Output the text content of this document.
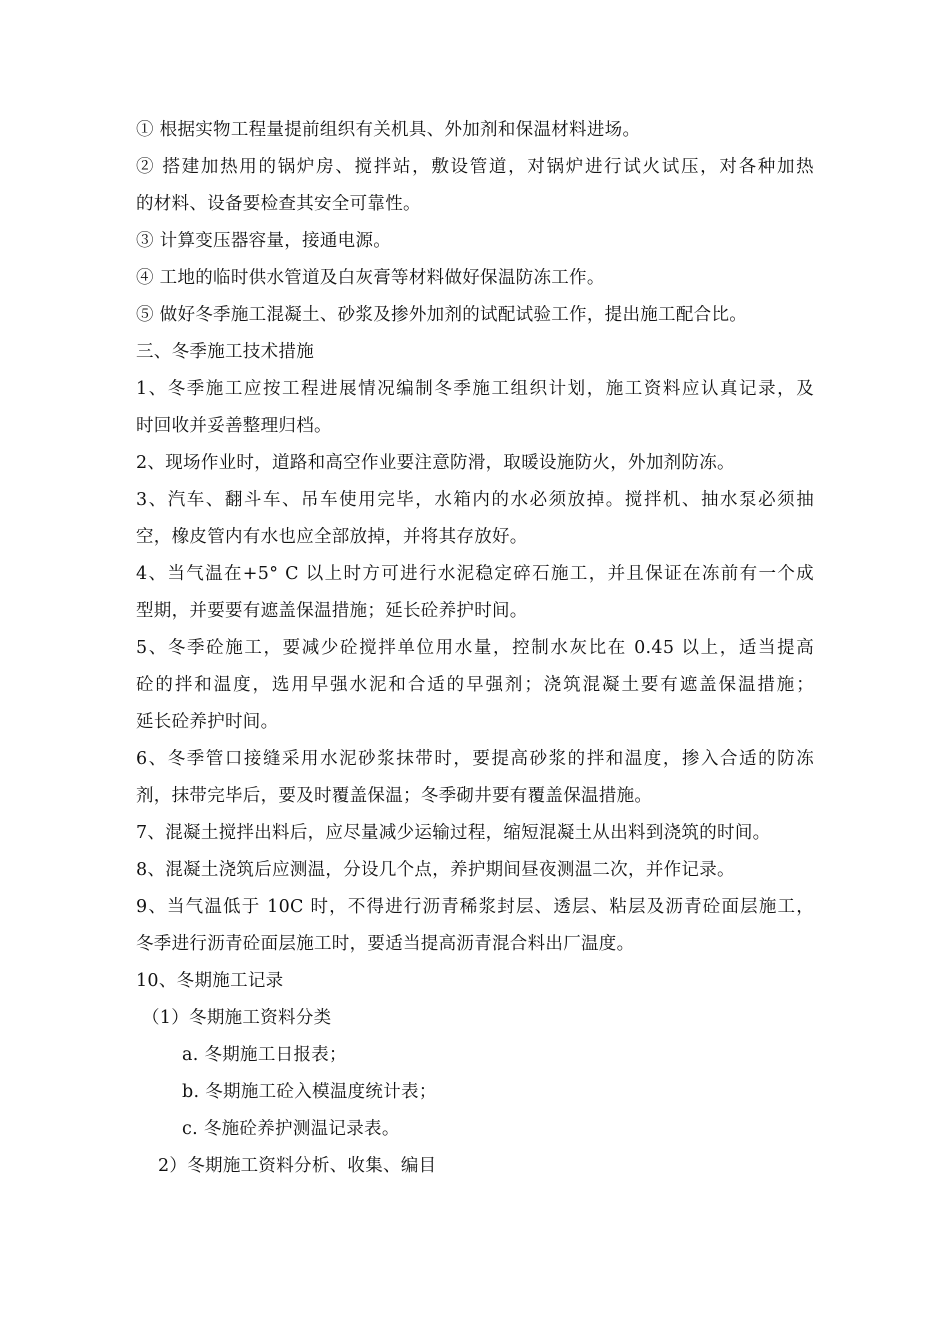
① 根据实物工程量提前组织有关机具、外加剂和保温材料进场。
② 搭建加热用的锅炉房、搅拌站，敷设管道，对锅炉进行试火试压，对各种加热
的材料、设备要检查其安全可靠性。
③ 计算变压器容量，接通电源。
④ 工地的临时供水管道及白灰膏等材料做好保温防冻工作。
⑤ 做好冬季施工混凝土、砂浆及掺外加剂的试配试验工作，提出施工配合比。
三、冬季施工技术措施
1、冬季施工应按工程进展情况编制冬季施工组织计划，施工资料应认真记录，及
时回收并妥善整理归档。
2、现场作业时，道路和高空作业要注意防滑，取暖设施防火，外加剂防冻。
3、汽车、翻斗车、吊车使用完毕，水箱内的水必须放掉。搅拌机、抽水泵必须抽
空，橡皮管内有水也应全部放掉，并将其存放好。
4、当气温在+5° C 以上时方可进行水泥稳定碎石施工，并且保证在冻前有一个成
型期，并要要有遮盖保温措施；延长砼养护时间。
5、冬季砼施工，要减少砼搅拌单位用水量，控制水灰比在 0.45 以上，适当提高
砼的拌和温度，选用早强水泥和合适的早强剂；浇筑混凝土要有遮盖保温措施；
延长砼养护时间。
6、冬季管口接缝采用水泥砂浆抹带时，要提高砂浆的拌和温度，掺入合适的防冻
剂，抹带完毕后，要及时覆盖保温；冬季砌井要有覆盖保温措施。
7、混凝土搅拌出料后，应尽量减少运输过程，缩短混凝土从出料到浇筑的时间。
8、混凝土浇筑后应测温，分设几个点，养护期间昼夜测温二次，并作记录。
9、当气温低于 10C 时，不得进行沥青稀浆封层、透层、粘层及沥青砼面层施工，
冬季进行沥青砼面层施工时，要适当提高沥青混合料出厂温度。
10、冬期施工记录
（1）冬期施工资料分类
a. 冬期施工日报表；
b. 冬期施工砼入模温度统计表；
c. 冬施砼养护测温记录表。
2）冬期施工资料分析、收集、编目
